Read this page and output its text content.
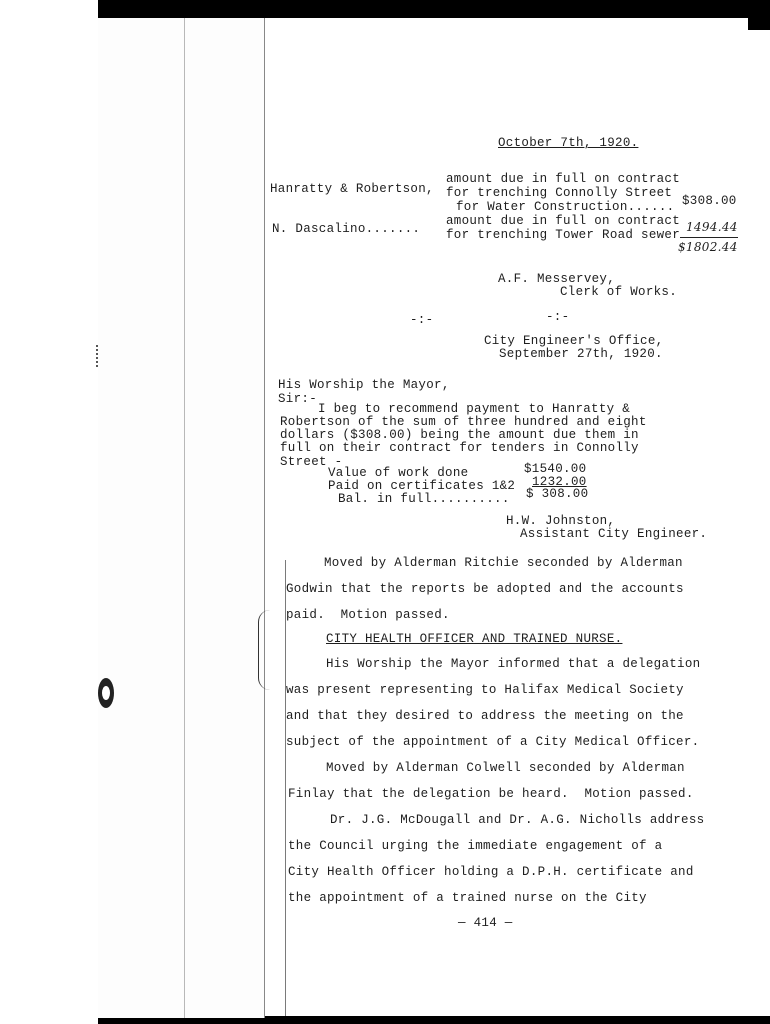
October 7th, 1920.
Hanratty & Robertson,
amount due in full on contract
for trenching Connolly Street
for Water Construction...... $308.00
N. Dascalino.......
amount due in full on contract
for trenching Tower Road sewer
1494.44
$1802.44
A.F. Messervey,
Clerk of Works.
-:-	-:-
City Engineer's Office,
September 27th, 1920.
His Worship the Mayor,
Sir:-
I beg to recommend payment to Hanratty &
Robertson of the sum of three hundred and eight
dollars ($308.00) being the amount due them in
full on their contract for tenders in Connolly
Street -
Value of work done	$1540.00
Paid on certificates 1&2 1232.00
Bal. in full.......... $ 308.00
H.W. Johnston,
Assistant City Engineer.
Moved by Alderman Ritchie seconded by Alderman
Godwin that the reports be adopted and the accounts
paid.  Motion passed.
CITY HEALTH OFFICER AND TRAINED NURSE.
His Worship the Mayor informed that a delegation
was present representing to Halifax Medical Society
and that they desired to address the meeting on the
subject of the appointment of a City Medical Officer.
Moved by Alderman Colwell seconded by Alderman
Finlay that the delegation be heard.  Motion passed.
Dr. J.G. McDougall and Dr. A.G. Nicholls address
the Council urging the immediate engagement of a
City Health Officer holding a D.P.H. certificate and
the appointment of a trained nurse on the City
— 414 —
